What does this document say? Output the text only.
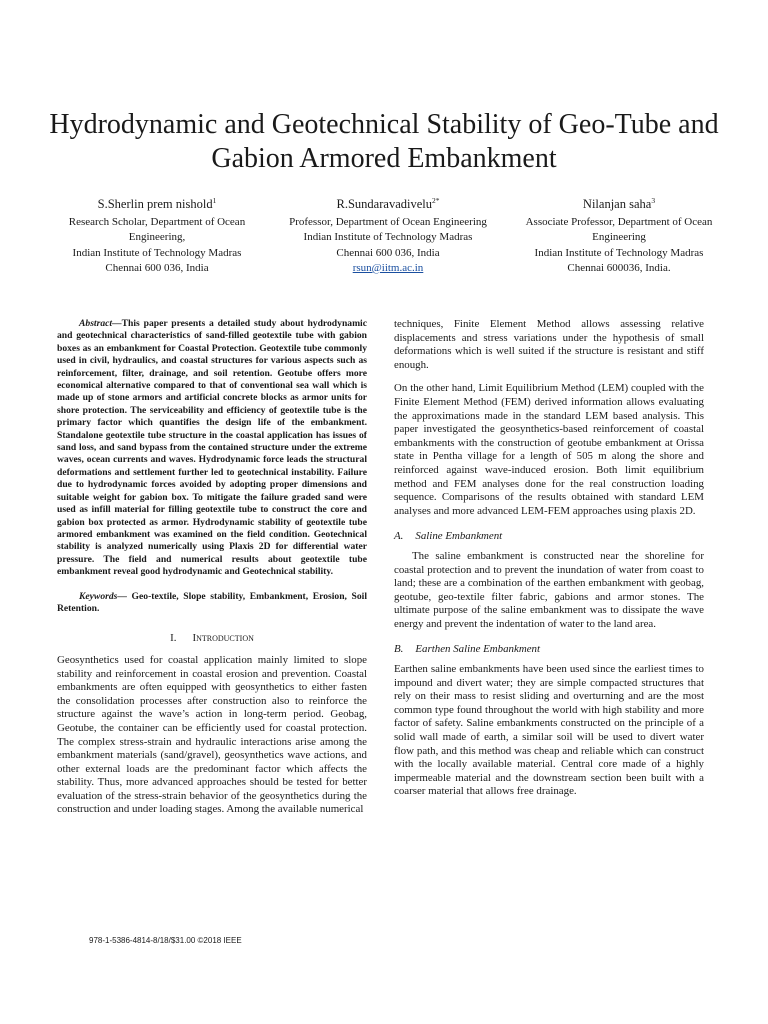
Hydrodynamic and Geotechnical Stability of Geo-Tube and Gabion Armored Embankment
S.Sherlin prem nishold$^1$
Research Scholar, Department of Ocean Engineering,
Indian Institute of Technology Madras
Chennai 600 036, India
R.Sundaravadivelu$^{2*}$
Professor, Department of Ocean Engineering
Indian Institute of Technology Madras
Chennai 600 036, India
rsun@iitm.ac.in
Nilanjan saha$^3$
Associate Professor, Department of Ocean Engineering
Indian Institute of Technology Madras
Chennai 600036, India.

Abstract—This paper presents a detailed study about hydrodynamic and geotechnical characteristics of sand-filled geotextile tube with gabion boxes as an embankment for Coastal Protection. Geotextile tube commonly used in civil, hydraulics, and coastal structures for various aspects such as reinforcement, filter, drainage, and soil retention. Geotube offers more economical alternative compared to that of conventional sea wall which is made up of stone armors and artificial concrete blocks as armor units for shore protection. The serviceability and efficiency of geotextile tube is the primary factor which quantifies the design life of the embankment. Standalone geotextile tube structure in the coastal application has issues of sand loss, and sand bypass from the contained structure under the extreme waves, ocean currents and waves. Hydrodynamic force leads the structural deformations and settlement further led to geotechnical instability. Failure due to hydrodynamic forces avoided by adopting proper dimensions and suitable weight for gabion box. To mitigate the failure graded sand were used as infill material for filling geotextile tube to construct the core and gabion box protected as armor. Hydrodynamic stability of geotextile tube armored embankment was examined on the field condition. Geotechnical stability is analyzed numerically using Plaxis 2D for differential water pressure. The field and numerical results about geotextile tube embankment reveal good hydrodynamic and Geotechnical stability.

Keywords— Geo-textile, Slope stability, Embankment, Erosion, Soil Retention.

I. Introduction

Geosynthetics used for coastal application mainly limited to slope stability and reinforcement in coastal erosion and prevention. Coastal embankments are often equipped with geosynthetics to either fasten the consolidation processes after construction also to reinforce the structure against the wave’s action in long-term period. Geobag, Geotube, the container can be efficiently used for coastal protection. The complex stress-strain and hydraulic interactions arise among the embankment materials (sand/gravel), geosynthetics wave actions, and other external loads are the predominant factor which affects the stability. Thus, more advanced approaches should be tested for better evaluation of the stress-strain behavior of the geosynthetics during the construction and under loading stages. Among the available numerical

techniques, Finite Element Method allows assessing relative displacements and stress variations under the hypothesis of small deformations which is well suited if the structure is resistant and stiff enough.

On the other hand, Limit Equilibrium Method (LEM) coupled with the Finite Element Method (FEM) derived information allows evaluating the approximations made in the standard LEM based analysis. This paper investigated the geosynthetics-based reinforcement of coastal embankments with the construction of geotube embankment at Orissa state in Pentha village for a length of 505 m along the shore and reinforced against wave-induced erosion. Both limit equilibrium method and FEM analyses done for the real construction loading sequence. Comparisons of the results obtained with standard LEM analyses and more advanced LEM-FEM approaches using plaxis 2D.

A. Saline Embankment

The saline embankment is constructed near the shoreline for coastal protection and to prevent the inundation of water from coast to land; these are a combination of the earthen embankment with geobag, geotube, geo-textile filter fabric, gabions and armor stones. The ultimate purpose of the saline embankment was to dissipate the wave energy and prevent the indentation of water to the land area.

B. Earthen Saline Embankment

Earthen saline embankments have been used since the earliest times to impound and divert water; they are simple compacted structures that rely on their mass to resist sliding and overturning and are the most common type found throughout the world with high stability and more factor of safety. Saline embankments constructed on the principle of a solid wall made of earth, a similar soil will be used to divert water flow path, and this method was cheap and reliable which can construct with the locally available material. Central core made of a highly impermeable material and the downstream section been built with a coarser material that allows free drainage.

978-1-5386-4814-8/18/$31.00 ©2018 IEEE
